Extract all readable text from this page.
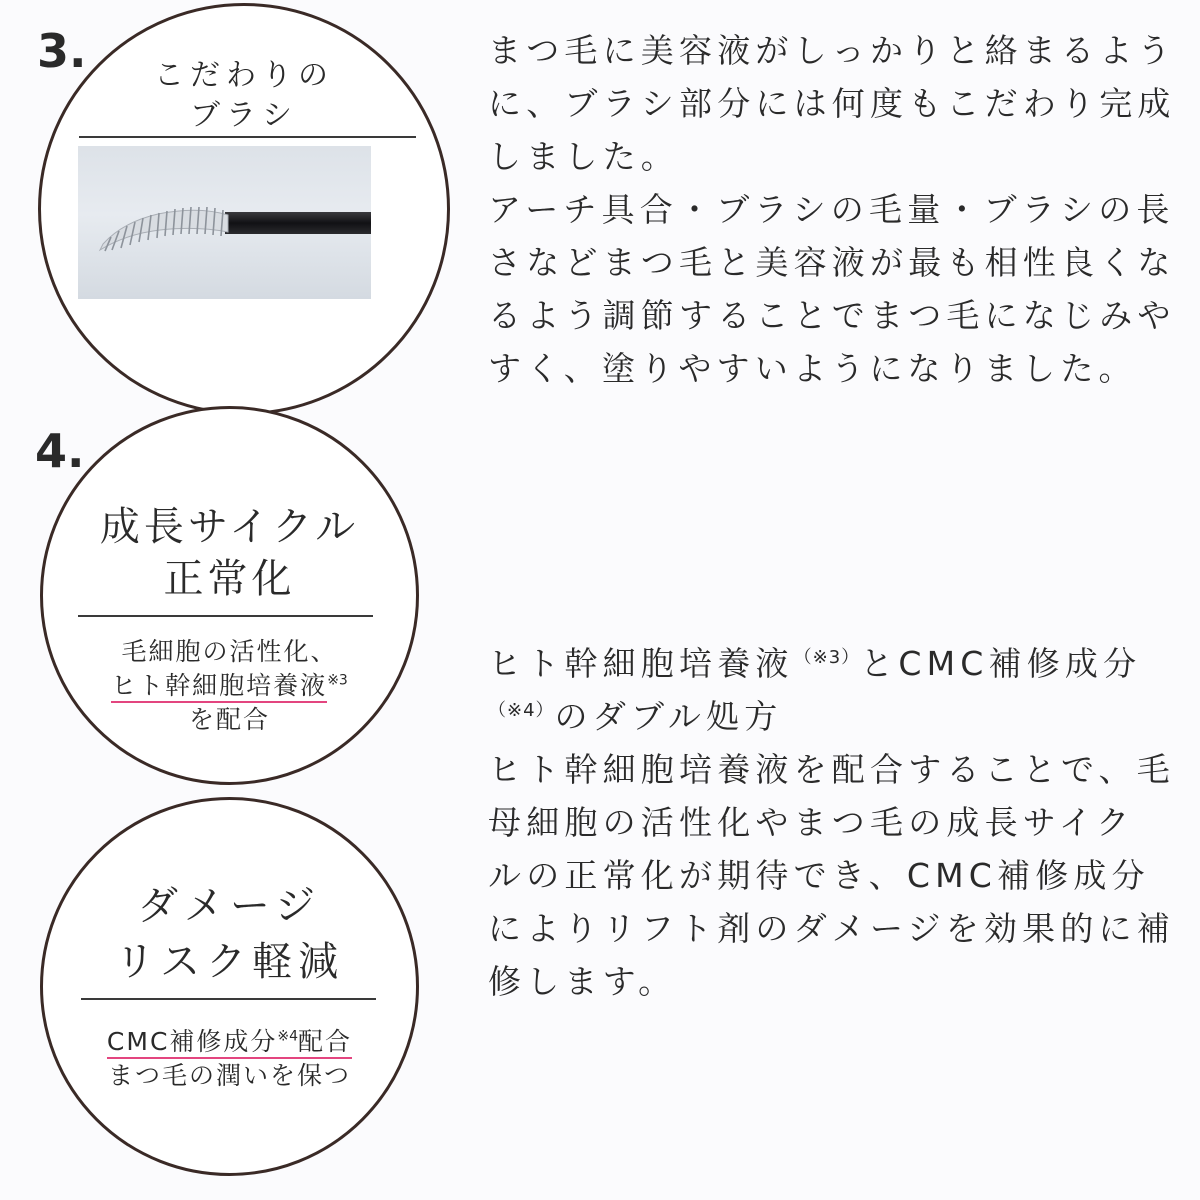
3.	こだわりの
ブラシ
まつ毛に美容液がしっかりと絡まるよう
に、ブラシ部分には何度もこだわり完成
しました。
アーチ具合・ブラシの毛量・ブラシの長
さなどまつ毛と美容液が最も相性良くな
るよう調節することでまつ毛になじみや
すく、塗りやすいようになりました。
4.
成長サイクル
正常化
毛細胞の活性化、
ヒト幹細胞培養液$^{※3}$
を配合
ダメージ
リスク軽減
CMC補修成分$^{※4}$配合
まつ毛の潤いを保つ
ヒト幹細胞培養液$^{(※3)}$とCMC補修成分
$^{(※4)}$のダブル処方
ヒト幹細胞培養液を配合することで、毛
母細胞の活性化やまつ毛の成長サイク
ルの正常化が期待でき、CMC補修成分
によりリフト剤のダメージを効果的に補
修します。
